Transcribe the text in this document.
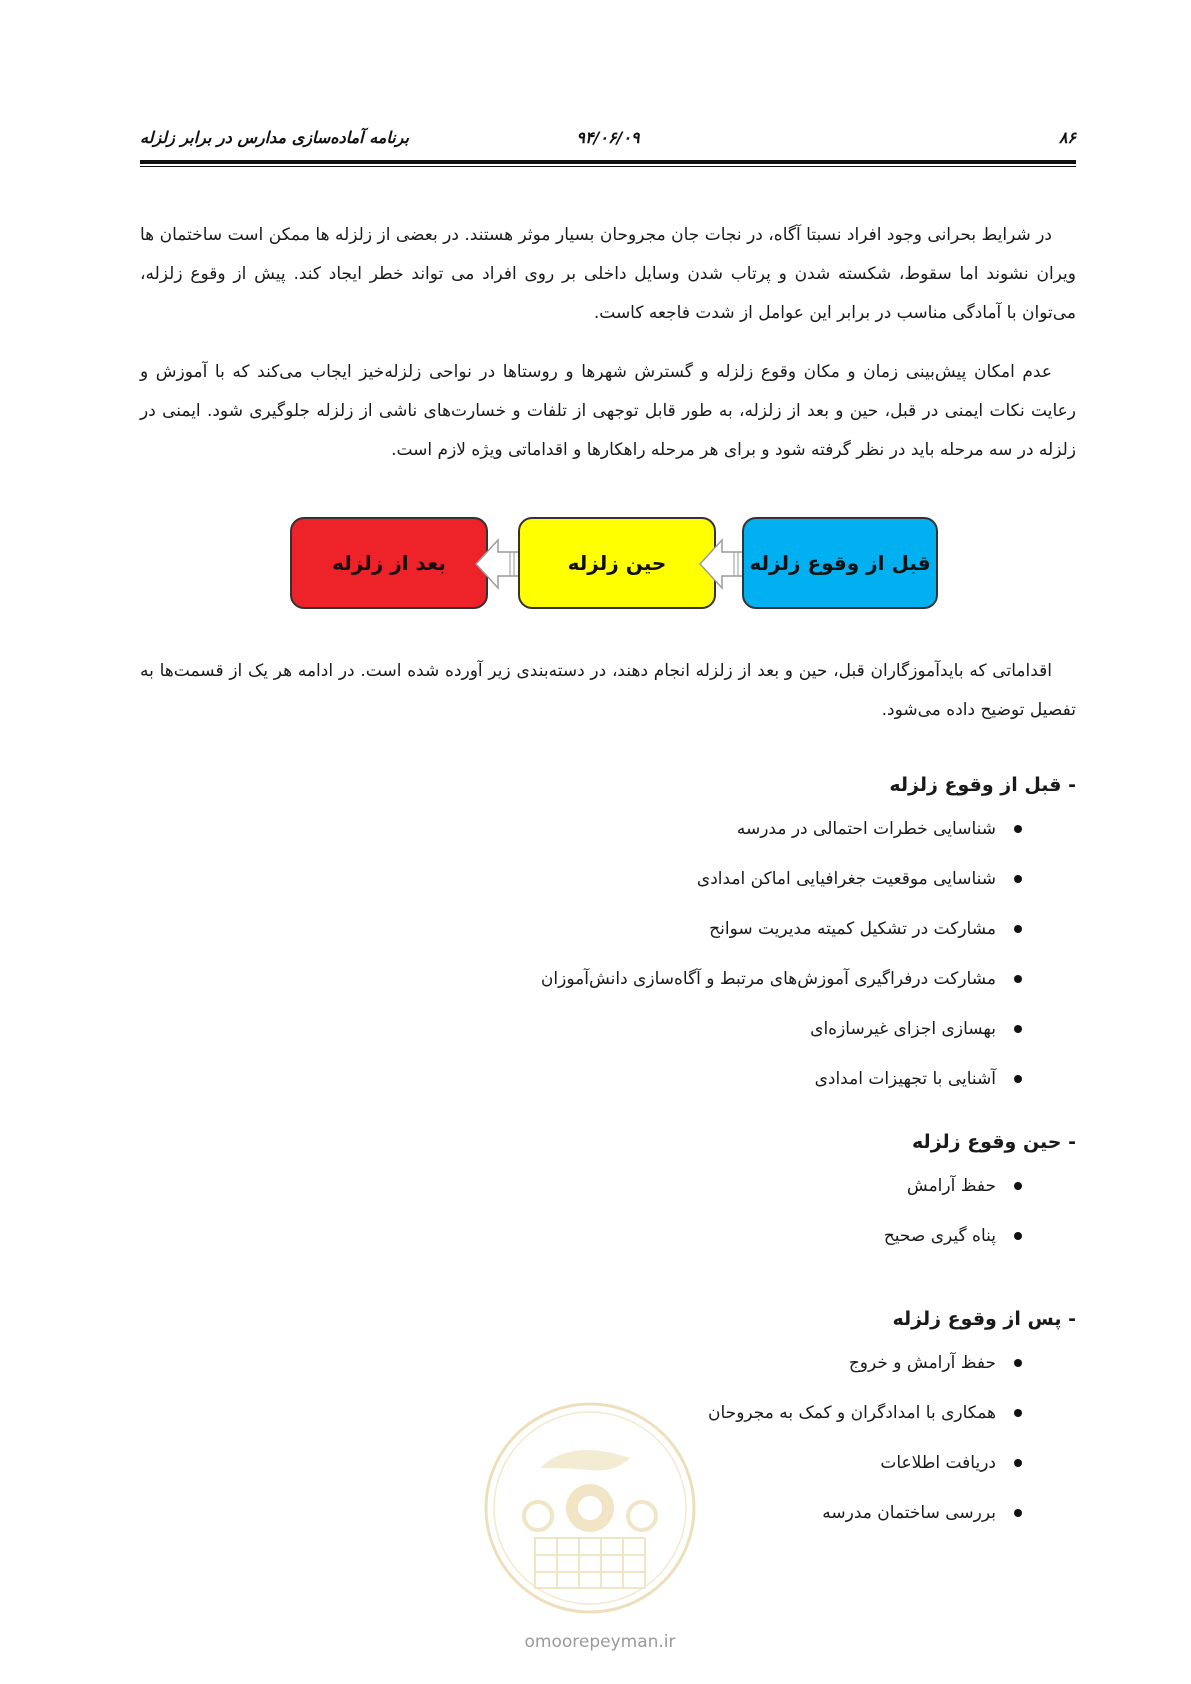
۸۶
۹۴/۰۶/۰۹
برنامه آماده‌سازی مدارس در برابر زلزله

در شرایط بحرانی وجود افراد نسبتا آگاه، در نجات جان مجروحان بسیار موثر هستند. در بعضی از زلزله ها ممکن است ساختمان ها ویران نشوند اما سقوط، شکسته شدن و پرتاب شدن وسایل داخلی بر روی افراد می تواند خطر ایجاد کند. پیش از وقوع زلزله، می‌توان با آمادگی مناسب در برابر این عوامل از شدت فاجعه کاست.

عدم امکان پیش‌بینی زمان و مکان وقوع زلزله و گسترش شهرها و روستاها در نواحی زلزله‌خیز ایجاب می‌کند که با آموزش و رعایت نکات ایمنی در قبل، حین و بعد از زلزله، به طور قابل توجهی از تلفات و خسارت‌های ناشی از زلزله جلوگیری شود. ایمنی در زلزله در سه مرحله باید در نظر گرفته شود و برای هر مرحله راهکارها و اقداماتی ویژه لازم است.

بعد از زلزله	حین زلزله	قبل از وقوع زلزله

اقداماتی که بایدآموزگاران قبل، حین و بعد از زلزله انجام دهند، در دسته‌بندی زیر آورده شده است. در ادامه هر یک از قسمت‌ها به تفصیل توضیح داده می‌شود.

- قبل از وقوع زلزله

شناسایی خطرات احتمالی در مدرسه
شناسایی موقعیت جغرافیایی اماکن امدادی
مشارکت در تشکیل کمیته مدیریت سوانح
مشارکت درفراگیری آموزش‌های مرتبط و آگاه‌سازی دانش‌آموزان
بهسازی اجزای غیرسازه‌ای
آشنایی با تجهیزات امدادی

- حین وقوع زلزله

حفظ آرامش
پناه گیری صحیح

- پس از وقوع زلزله

حفظ آرامش و خروج
همکاری با امدادگران و کمک به مجروحان
دریافت اطلاعات
بررسی ساختمان مدرسه
omoorepeyman.ir
